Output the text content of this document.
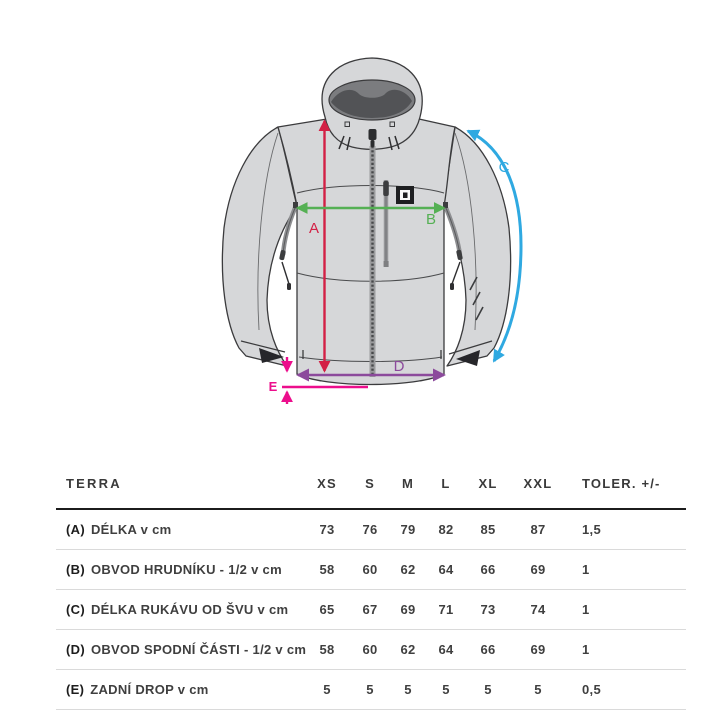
A
B
C
D
E
TERRA	XS	S	M	L	XL	XXL	TOLER. +/-
(A) DÉLKA v cm	73	76	79	82	85	87	1,5
(B) OBVOD HRUDNÍKU - 1/2 v cm	58	60	62	64	66	69	1
(C) DÉLKA RUKÁVU OD ŠVU v cm	65	67	69	71	73	74	1
(D) OBVOD SPODNÍ ČÁSTI - 1/2 v cm	58	60	62	64	66	69	1
(E) ZADNÍ DROP v cm	5	5	5	5	5	5	0,5
